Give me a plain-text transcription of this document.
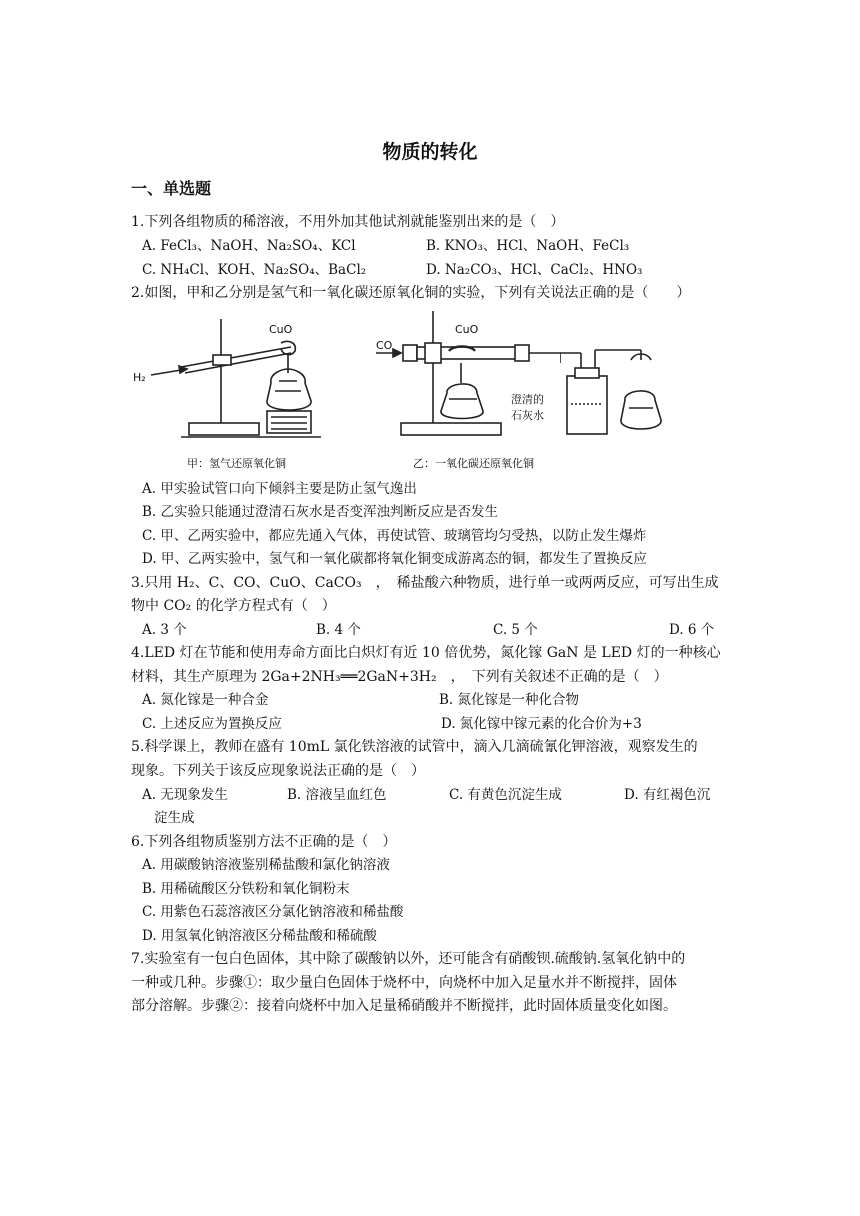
物质的转化
一、单选题
1.下列各组物质的稀溶液，不用外加其他试剂就能鉴别出来的是（　）
A. FeCl₃、NaOH、Na₂SO₄、KCl	B. KNO₃、HCl、NaOH、FeCl₃
C. NH₄Cl、KOH、Na₂SO₄、BaCl₂	D. Na₂CO₃、HCl、CaCl₂、HNO₃
2.如图，甲和乙分别是氢气和一氧化碳还原氧化铜的实验，下列有关说法正确的是（　　）
H₂
CuO
CO
CuO
澄清的
石灰水
甲：氢气还原氧化铜	乙：一氧化碳还原氧化铜
A. 甲实验试管口向下倾斜主要是防止氢气逸出
B. 乙实验只能通过澄清石灰水是否变浑浊判断反应是否发生
C. 甲、乙两实验中，都应先通入气体，再使试管、玻璃管均匀受热，以防止发生爆炸
D. 甲、乙两实验中，氢气和一氧化碳都将氧化铜变成游离态的铜，都发生了置换反应
3.只用 H₂、C、CO、CuO、CaCO₃　，　稀盐酸六种物质，进行单一或两两反应，可写出生成
物中 CO₂ 的化学方程式有（　）
A. 3 个	B. 4 个	C. 5 个	D. 6 个
4.LED 灯在节能和使用寿命方面比白炽灯有近 10 倍优势，氮化镓 GaN 是 LED 灯的一种核心
材料，其生产原理为 2Ga+2NH₃══2GaN+3H₂　，　下列有关叙述不正确的是（　）
A. 氮化镓是一种合金	B. 氮化镓是一种化合物
C. 上述反应为置换反应	D. 氮化镓中镓元素的化合价为+3
5.科学课上，教师在盛有 10mL 氯化铁溶液的试管中，滴入几滴硫氰化钾溶液，观察发生的
现象。下列关于该反应现象说法正确的是（　）
A. 无现象发生	B. 溶液呈血红色	C. 有黄色沉淀生成	D. 有红褐色沉
淀生成
6.下列各组物质鉴别方法不正确的是（　）
A. 用碳酸钠溶液鉴别稀盐酸和氯化钠溶液
B. 用稀硫酸区分铁粉和氧化铜粉末
C. 用紫色石蕊溶液区分氯化钠溶液和稀盐酸
D. 用氢氧化钠溶液区分稀盐酸和稀硫酸
7.实验室有一包白色固体，其中除了碳酸钠以外，还可能含有硝酸钡.硫酸钠.氢氧化钠中的
一种或几种。步骤①：取少量白色固体于烧杯中，向烧杯中加入足量水并不断搅拌，固体
部分溶解。步骤②：接着向烧杯中加入足量稀硝酸并不断搅拌，此时固体质量变化如图。
